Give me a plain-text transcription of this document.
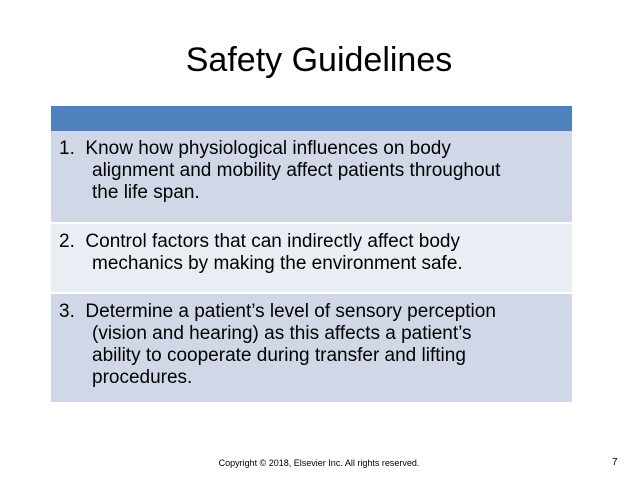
Safety Guidelines
1. Know how physiological influences on body
alignment and mobility affect patients throughout
the life span.
2. Control factors that can indirectly affect body
mechanics by making the environment safe.
3. Determine a patient’s level of sensory perception
(vision and hearing) as this affects a patient’s
ability to cooperate during transfer and lifting
procedures.
Copyright © 2018, Elsevier Inc. All rights reserved.	7
